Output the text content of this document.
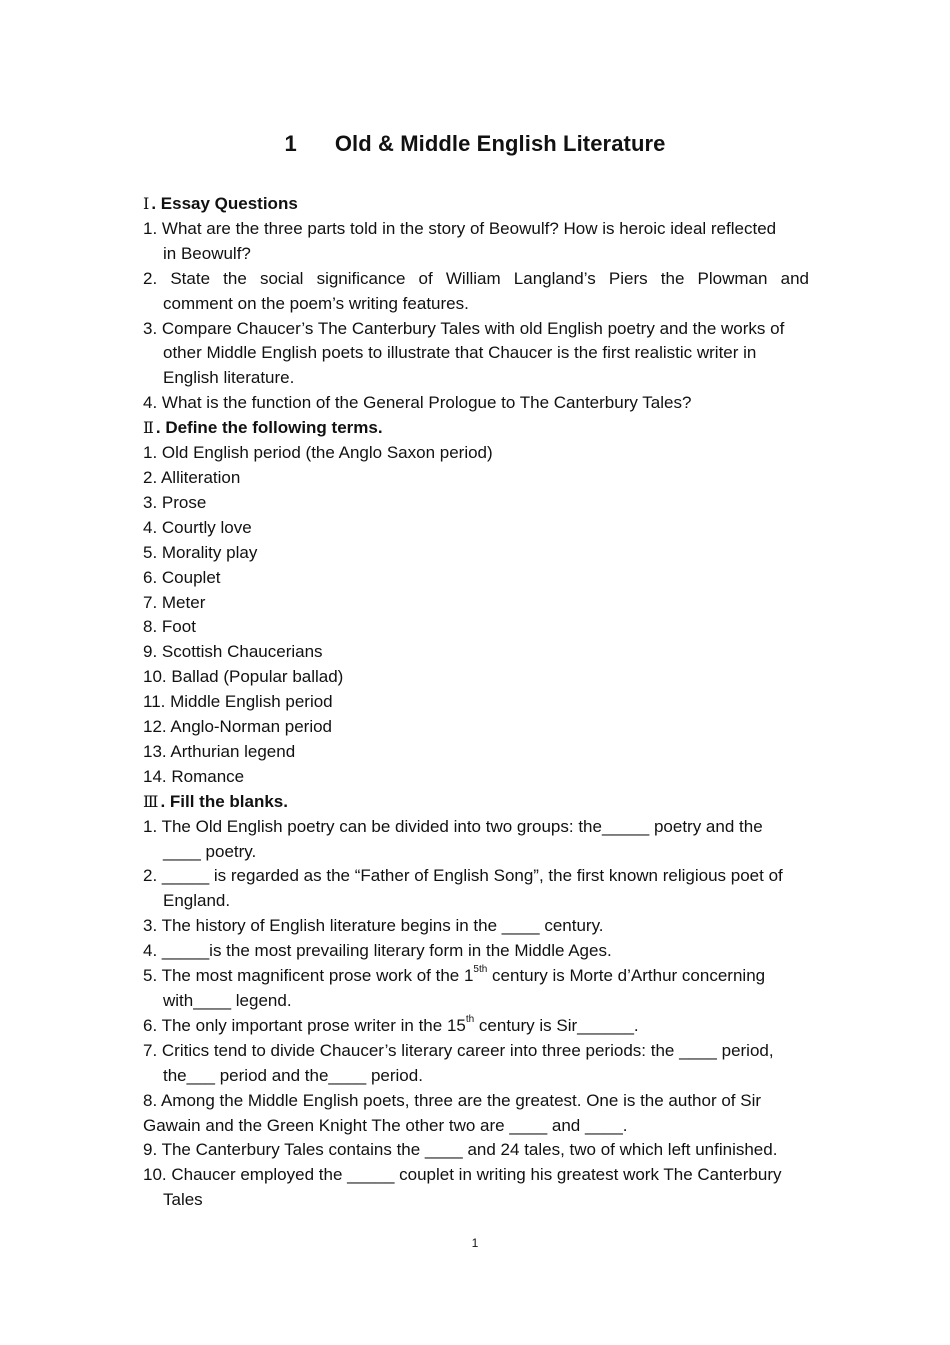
1 Old & Middle English Literature
Ⅰ . Essay Questions
1. What are the three parts told in the story of Beowulf? How is heroic ideal reflected
in Beowulf?
2. State the social significance of William Langland’s Piers the Plowman and
comment on the poem’s writing features.
3. Compare Chaucer’s The Canterbury Tales with old English poetry and the works of
other Middle English poets to illustrate that Chaucer is the first realistic writer in
English literature.
4. What is the function of the General Prologue to The Canterbury Tales?
Ⅱ . Define the following terms.
1. Old English period (the Anglo Saxon period)
2. Alliteration
3. Prose
4. Courtly love
5. Morality play
6. Couplet
7. Meter
8. Foot
9. Scottish Chaucerians
10. Ballad (Popular ballad)
11. Middle English period
12. Anglo-Norman period
13. Arthurian legend
14. Romance
Ⅲ . Fill the blanks.
1. The Old English poetry can be divided into two groups: the_____ poetry and the
____ poetry.
2. _____ is regarded as the “Father of English Song”, the first known religious poet of
England.
3. The history of English literature begins in the ____ century.
4. _____is the most prevailing literary form in the Middle Ages.
5. The most magnificent prose work of the $1^{5th}$ century is Morte d’Arthur concerning
with____ legend.
6. The only important prose writer in the 15th century is Sir______.
7. Critics tend to divide Chaucer’s literary career into three periods: the ____ period,
the___ period and the____ period.
8. Among the Middle English poets, three are the greatest. One is the author of Sir
Gawain and the Green Knight The other two are ____ and ____.
9. The Canterbury Tales contains the ____ and 24 tales, two of which left unfinished.
10. Chaucer employed the _____ couplet in writing his greatest work The Canterbury
Tales
1
